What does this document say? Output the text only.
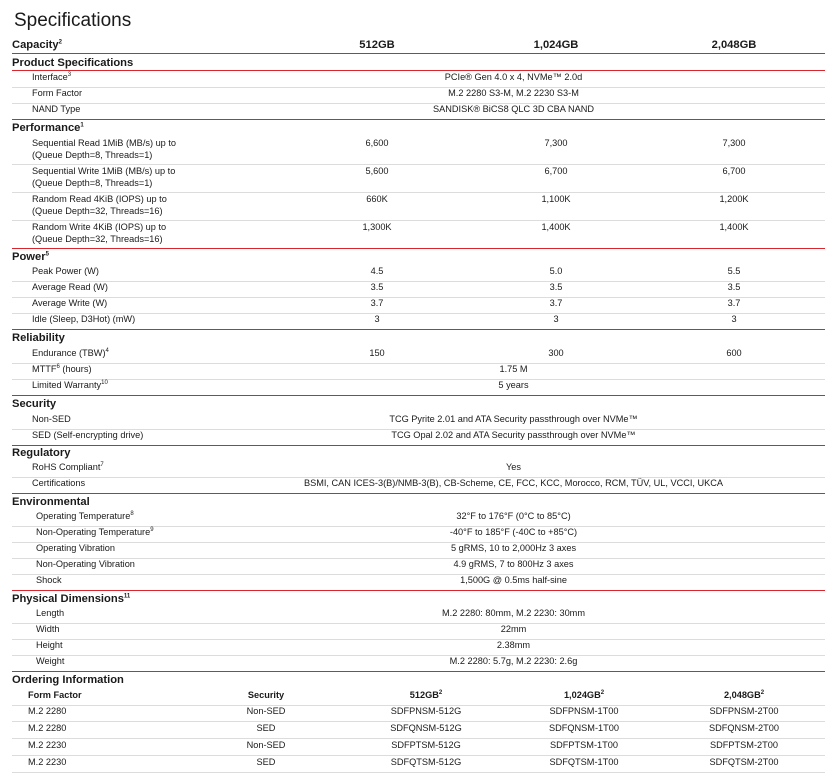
Specifications
Capacity$^2$	512GB	1,024GB	2,048GB
Product Specifications
Interface$^3$	PCIe® Gen 4.0 x 4, NVMe™ 2.0d
Form Factor	M.2 2280 S3-M, M.2 2230 S3-M
NAND Type	SANDISK® BiCS8 QLC 3D CBA NAND
Performance$^1$
Sequential Read 1MiB (MB/s) up to
(Queue Depth=8, Threads=1)
6,600	7,300	7,300
Sequential Write 1MiB (MB/s) up to
(Queue Depth=8, Threads=1)
5,600	6,700	6,700
Random Read 4KiB (IOPS) up to
(Queue Depth=32, Threads=16)
660K	1,100K	1,200K
Random Write 4KiB (IOPS) up to
(Queue Depth=32, Threads=16)
1,300K	1,400K	1,400K
Power$^5$
Peak Power (W)	4.5	5.0	5.5
Average Read (W)	3.5	3.5	3.5
Average Write (W)	3.7	3.7	3.7
Idle (Sleep, D3Hot) (mW)	3	3	3
Reliability
Endurance (TBW)$^4$	150	300	600
MTTF$^6$ (hours)	1.75 M
Limited Warranty$^{10}$	5 years
Security
Non-SED	TCG Pyrite 2.01 and ATA Security passthrough over NVMe™
SED (Self-encrypting drive)	TCG Opal 2.02 and ATA Security passthrough over NVMe™
Regulatory
RoHS Compliant$^7$	Yes
Certifications	BSMI, CAN ICES-3(B)/NMB-3(B), CB-Scheme, CE, FCC, KCC, Morocco, RCM, TÜV, UL, VCCI, UKCA
Environmental
Operating Temperature$^8$	32°F to 176°F (0°C to 85°C)
Non-Operating Temperature$^9$	-40°F to 185°F (-40C to +85°C)
Operating Vibration	5 gRMS, 10 to 2,000Hz 3 axes
Non-Operating Vibration	4.9 gRMS, 7 to 800Hz 3 axes
Shock	1,500G @ 0.5ms half-sine
Physical Dimensions$^{11}$
Length	M.2 2280: 80mm, M.2 2230: 30mm
Width	22mm
Height	2.38mm
Weight	M.2 2280: 5.7g, M.2 2230: 2.6g
Ordering Information
Form Factor	Security	$512GB^2$	$1,024GB^2$	$2,048GB^2$
M.2 2280	Non-SED	SDFPNSM-512G	SDFPNSM-1T00	SDFPNSM-2T00
M.2 2280	SED	SDFQNSM-512G	SDFQNSM-1T00	SDFQNSM-2T00
M.2 2230	Non-SED	SDFPTSM-512G	SDFPTSM-1T00	SDFPTSM-2T00
M.2 2230	SED	SDFQTSM-512G	SDFQTSM-1T00	SDFQTSM-2T00
